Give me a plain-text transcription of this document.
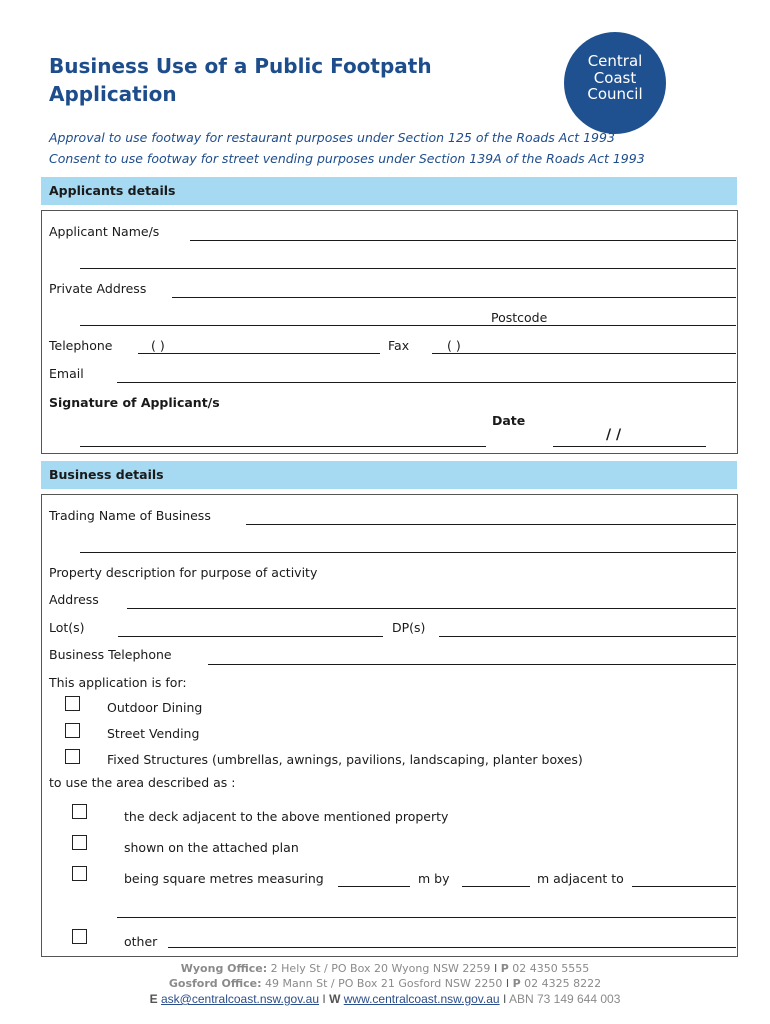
Business Use of a Public Footpath
Application
Central
Coast
Council
Approval to use footway for restaurant purposes under Section 125 of the Roads Act 1993
Consent to use footway for street vending purposes under Section 139A of the Roads Act 1993
Applicants details
Applicant Name/s
Private Address
Postcode
Telephone	( )	Fax	( )
Email
Signature of Applicant/s
Date
/ /
Business details
Trading Name of Business
Property description for purpose of activity
Address
Lot(s)	DP(s)
Business Telephone
This application is for:
Outdoor Dining
Street Vending
Fixed Structures (umbrellas, awnings, pavilions, landscaping, planter boxes)
to use the area described as :
the deck adjacent to the above mentioned property
shown on the attached plan
being square metres measuring	m by	m adjacent to
other
Wyong Office: 2 Hely St / PO Box 20 Wyong NSW 2259 I P 02 4350 5555
Gosford Office: 49 Mann St / PO Box 21 Gosford NSW 2250 I P 02 4325 8222
E ask@centralcoast.nsw.gov.au I W www.centralcoast.nsw.gov.au I ABN 73 149 644 003
